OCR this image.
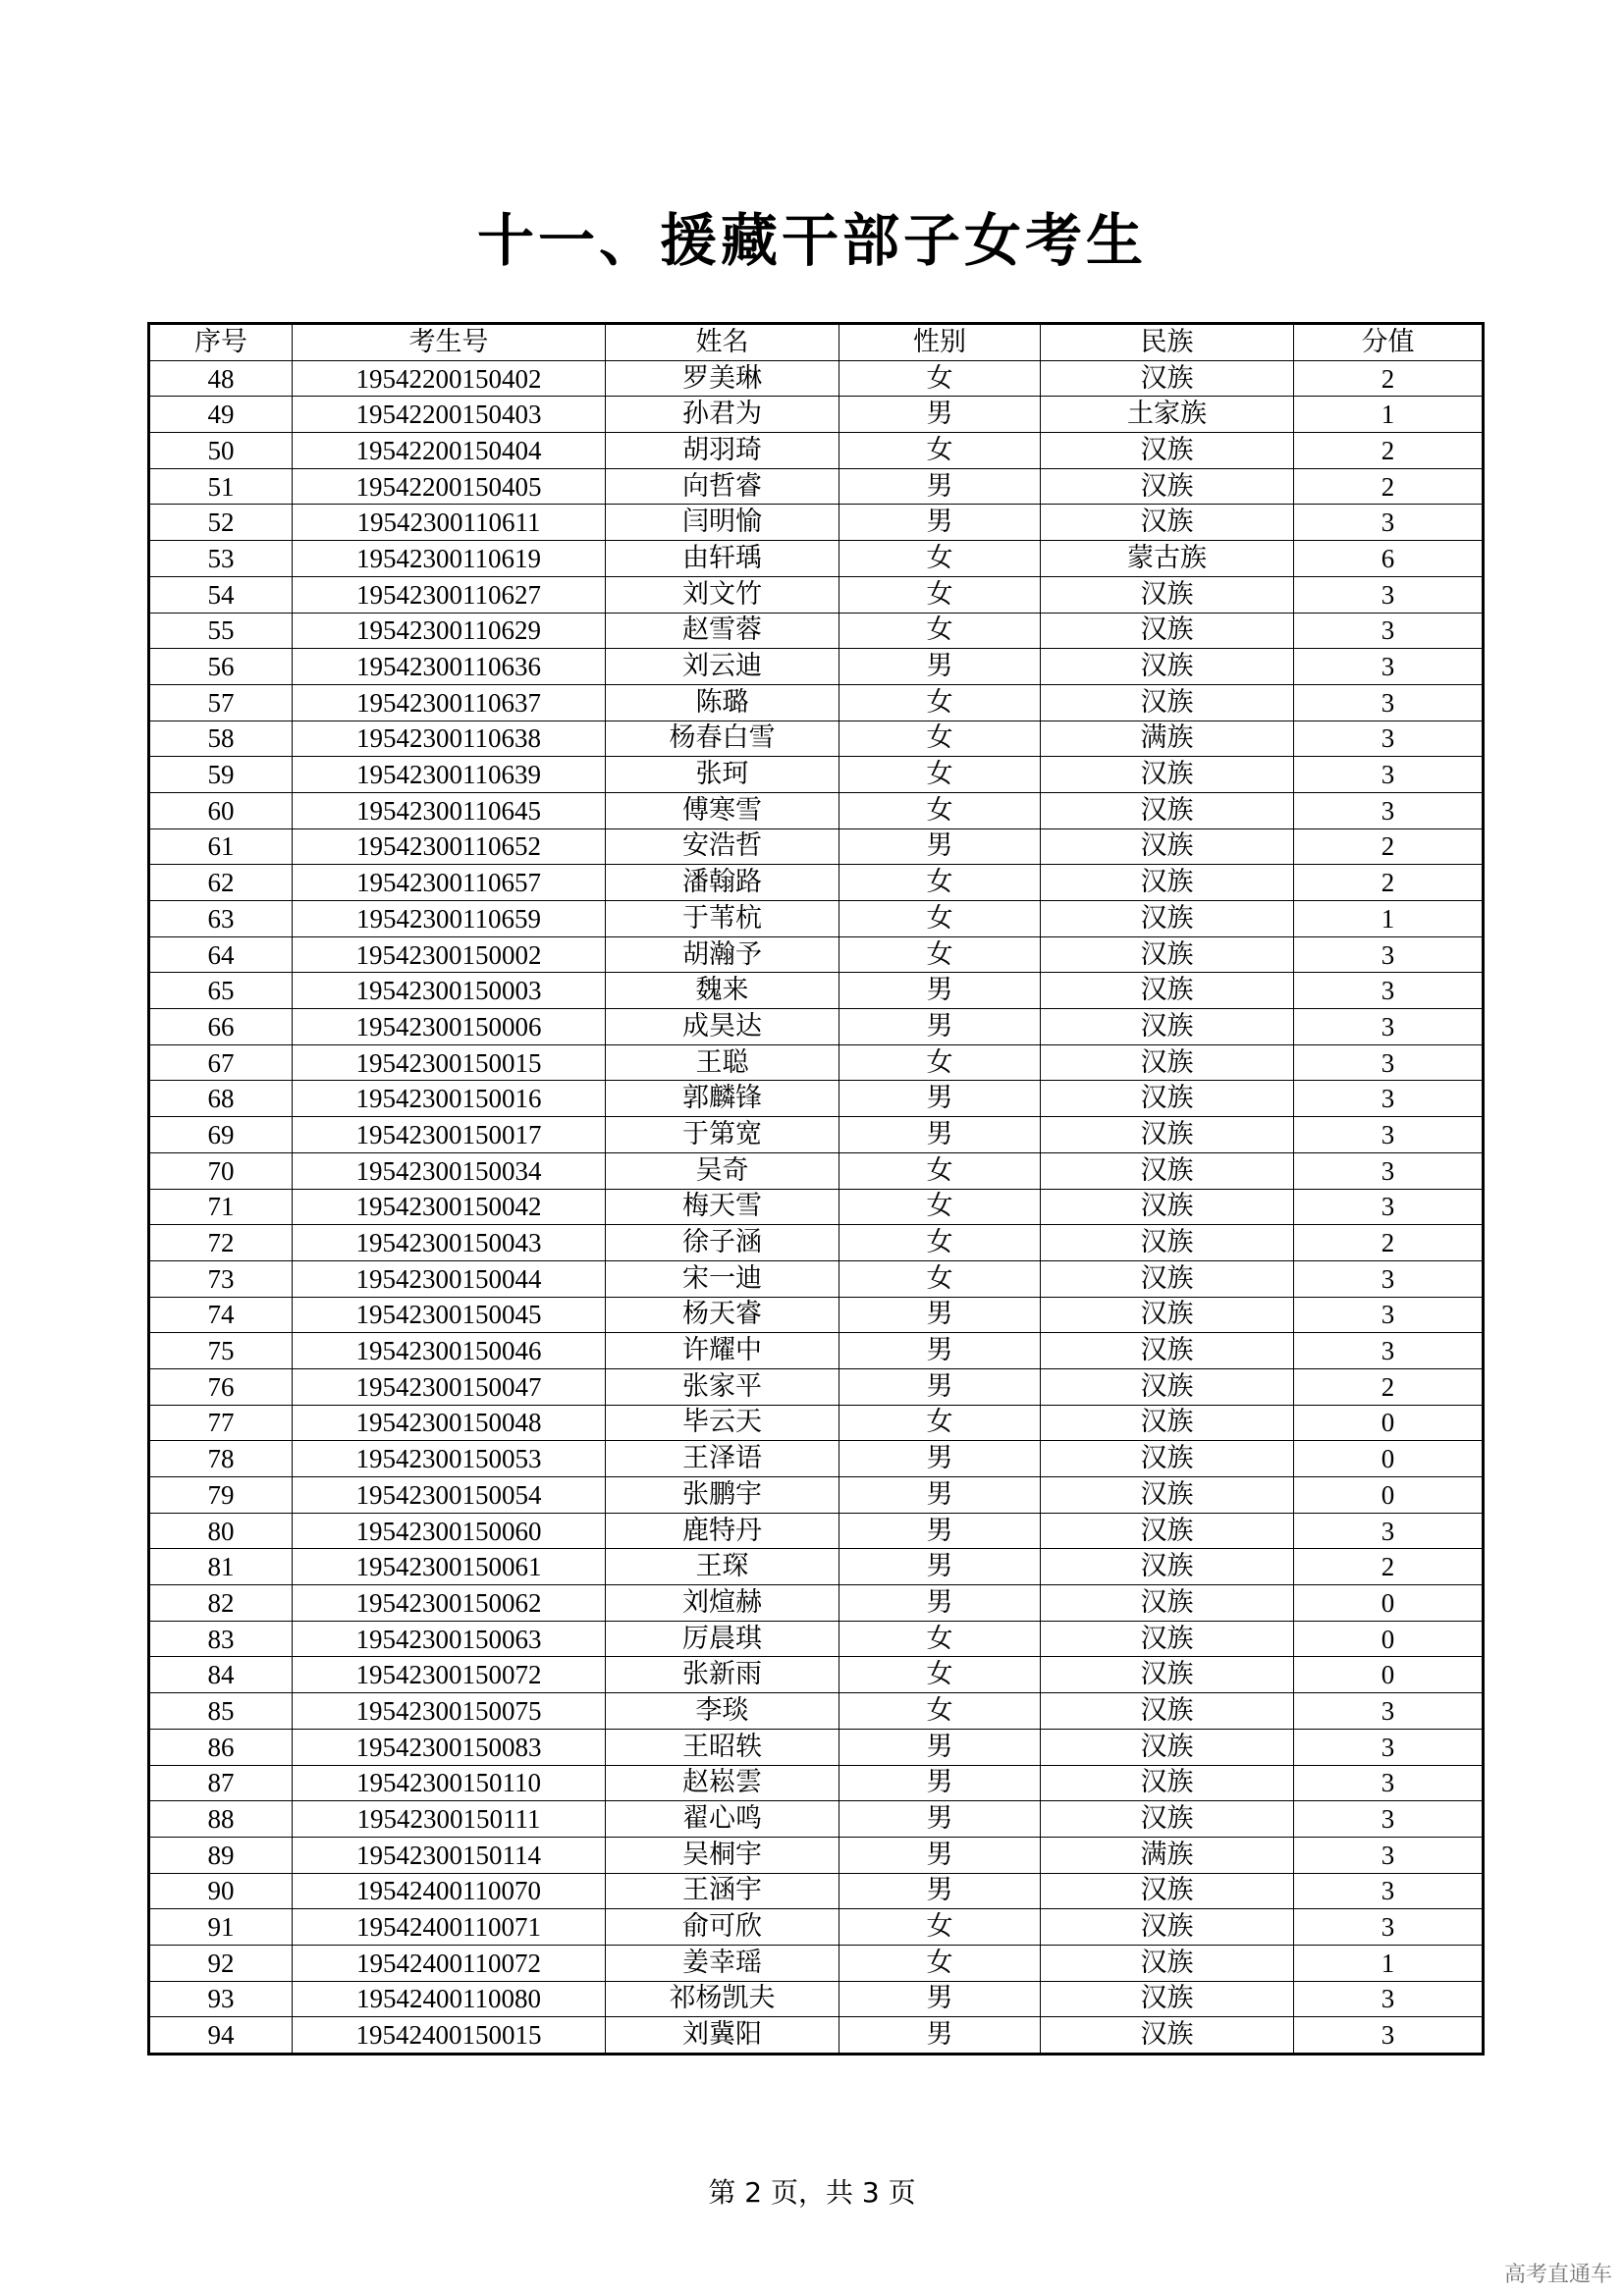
十一、援藏干部子女考生
序号	考生号	姓名	性别	民族	分值
48	19542200150402	罗美琳	女	汉族	2
49	19542200150403	孙君为	男	土家族	1
50	19542200150404	胡羽琦	女	汉族	2
51	19542200150405	向哲睿	男	汉族	2
52	19542300110611	闫明愉	男	汉族	3
53	19542300110619	由轩瑀	女	蒙古族	6
54	19542300110627	刘文竹	女	汉族	3
55	19542300110629	赵雪蓉	女	汉族	3
56	19542300110636	刘云迪	男	汉族	3
57	19542300110637	陈璐	女	汉族	3
58	19542300110638	杨春白雪	女	满族	3
59	19542300110639	张珂	女	汉族	3
60	19542300110645	傅寒雪	女	汉族	3
61	19542300110652	安浩哲	男	汉族	2
62	19542300110657	潘翰路	女	汉族	2
63	19542300110659	于苇杭	女	汉族	1
64	19542300150002	胡瀚予	女	汉族	3
65	19542300150003	魏来	男	汉族	3
66	19542300150006	成昊达	男	汉族	3
67	19542300150015	王聪	女	汉族	3
68	19542300150016	郭麟锋	男	汉族	3
69	19542300150017	于第宽	男	汉族	3
70	19542300150034	吴奇	女	汉族	3
71	19542300150042	梅天雪	女	汉族	3
72	19542300150043	徐子涵	女	汉族	2
73	19542300150044	宋一迪	女	汉族	3
74	19542300150045	杨天睿	男	汉族	3
75	19542300150046	许耀中	男	汉族	3
76	19542300150047	张家平	男	汉族	2
77	19542300150048	毕云天	女	汉族	0
78	19542300150053	王泽语	男	汉族	0
79	19542300150054	张鹏宇	男	汉族	0
80	19542300150060	鹿特丹	男	汉族	3
81	19542300150061	王琛	男	汉族	2
82	19542300150062	刘煊赫	男	汉族	0
83	19542300150063	厉晨琪	女	汉族	0
84	19542300150072	张新雨	女	汉族	0
85	19542300150075	李琰	女	汉族	3
86	19542300150083	王昭轶	男	汉族	3
87	19542300150110	赵崧雲	男	汉族	3
88	19542300150111	翟心鸣	男	汉族	3
89	19542300150114	吴桐宇	男	满族	3
90	19542400110070	王涵宇	男	汉族	3
91	19542400110071	俞可欣	女	汉族	3
92	19542400110072	姜幸瑶	女	汉族	1
93	19542400110080	祁杨凯夫	男	汉族	3
94	19542400150015	刘冀阳	男	汉族	3
第 2 页，共 3 页
高考直通车
